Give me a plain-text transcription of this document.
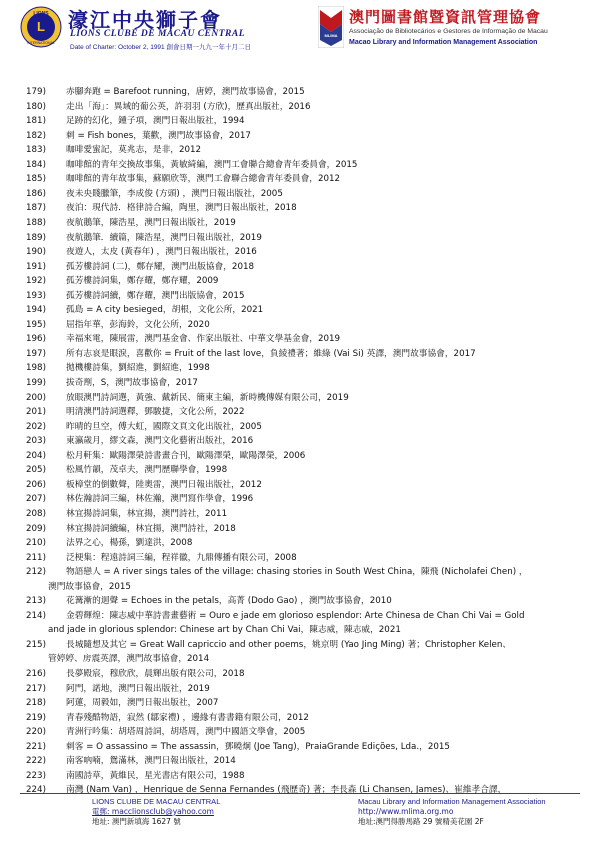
L
LIONS
INTERNATIONAL
濠江中央獅子會
LIONS CLUBE DE MACAU CENTRAL
Date of Charter: October 2, 1991 創會日期一九九一年十月二日
MLIMA
澳門圖書館暨資訊管理協會
Associação de Bibliotecários e Gestores de Informação de Macau
Macao Library and Information Management Association
179)	赤腳奔跑 = Barefoot running，唐婷，澳門故事協會，2015
180)	走出「海」：異域的葡公英，許羽羽 (方欣)，歷真出版社，2016
181)	足跡的幻化，鍾子項，澳門日報出版社，1994
182)	刺 = Fish bones，葉歡，澳門故事協會，2017
183)	咖啡愛蜜記，莫兆志，是非，2012
184)	咖啡館的青年交換故事集，黃敏綺編，澳門工會聯合總會青年委員會，2015
185)	咖啡館的青年故事集，蘇願欣等，澳門工會聯合總會青年委員會，2012
186)	夜未央賤臘筆，李成俊 (方頭) ，澳門日報出版社，2005
187)	夜泊：現代詩．格律詩合編，陶里，澳門日報出版社，2018
188)	夜航鵝筆，陳浩星，澳門日報出版社，2019
189)	夜航鵝筆．續篇，陳浩星，澳門日報出版社，2019
190)	夜遊人，太皮 (黃春年) ，澳門日報出版社，2016
191)	孤芳樓詩詞 (二)，鄭存耀，澳門出版協會，2018
192)	孤芳樓詩詞集，鄭存耀，鄭存耀，2009
193)	孤芳樓詩詞續，鄭存耀，澳門出版協會，2015
194)	孤島 = A city besieged，胡根，文化公所，2021
195)	屈指年華，彭海鈴，文化公所，2020
196)	幸福來電，陳展雷，澳門基金會、作家出版社、中華文學基金會，2019
197)	所有志哀是眼淚，喜歡你 = Fruit of the last love，負綾禮著；維綠 (Vai Si) 英譯，澳門故事協會，2017
198)	拋機樓詩集，劉紹進，劉紹進，1998
199)	拔奇劑，S，澳門故事協會，2017
200)	放眼澳門詩詞選，黃強、戴新民、簡東主編，新時機傳媒有限公司，2019
201)	明清澳門詩詞選釋，鄧駿捷，文化公所，2022
202)	昨晴的旦空，傅大虹，國際文頁文化出版社，2005
203)	東瀛歲月，繆文森，澳門文化藝術出版社，2016
204)	松月軒集：歐陽澤榮詩書畫合刊，歐陽澤榮，歐陽澤榮，2006
205)	松風竹韻，茂卓夫，澳門歷聯學會，1998
206)	板樟堂的倒數聲，陸奧雷，澳門日報出版社，2012
207)	林佐瀚詩詞三編，林佐瀚，澳門寫作學會，1996
208)	林宜揚詩詞集，林宜揚，澳門詩社，2011
209)	林宜揚詩詞續編，林宜揚，澳門詩社，2018
210)	法界之心，楊孫，劉達洪，2008
211)	泛梗集：程遠詩詞三編，程祥徽，九鼎傳播有限公司，2008
212)	物語戀人 = A river sings tales of the village: chasing stories in South West China，陳飛 (Nicholafei Chen) ，
澳門故事協會，2015
213)	花篝漸的迴聲 = Echoes in the petals，高菁 (Dodo Gao) ，澳門故事協會，2010
214)	金碧輝煌：陳志威中華詩書畫藝術 = Ouro e jade em glorioso esplendor: Arte Chinesa de Chan Chi Vai = Gold
and jade in glorious splendor: Chinese art by Chan Chi Vai，陳志威，陳志威，2021
215)	長城隨想及其它 = Great Wall capriccio and other poems，姚京明 (Yao Jing Ming) 著；Christopher Kelen、
管婷婷、房震英譯，澳門故事協會，2014
216)	長夢殿宸，穆欣欣，晨輝出版有限公司，2018
217)	阿門，諾地，澳門日報出版社，2019
218)	阿蓮，周毅如，澳門日報出版社，2007
219)	青春殘酷物語，寂然 (鄒家禮) ，邊緣有書書籍有限公司，2012
220)	青洲行吟集：胡塔周詩詞，胡塔周，澳門中國語文學會，2005
221)	刺客 = O assassino = The assassin，鄧曉炯 (Joe Tang)，PraiaGrande Edições, Lda.，2015
222)	南客吶喃，鴛滿林，澳門日報出版社，2014
223)	南國詩草，黃維民，星光書店有限公司，1988
224)	南灣 (Nam Van) ，Henrique de Senna Fernandes (飛歷奇) 著；李長森 (Li Chansen, James)、崔維孝合譯，
LIONS CLUBE DE MACAU CENTRAL
電郵: macclionsclub@yahoo.com
地址: 澳門新填海 1627 號
Macau Library and Information Management Association
http://www.mlima.org.mo
地址:澳門得勝馬路 29 號精美花園 2F
